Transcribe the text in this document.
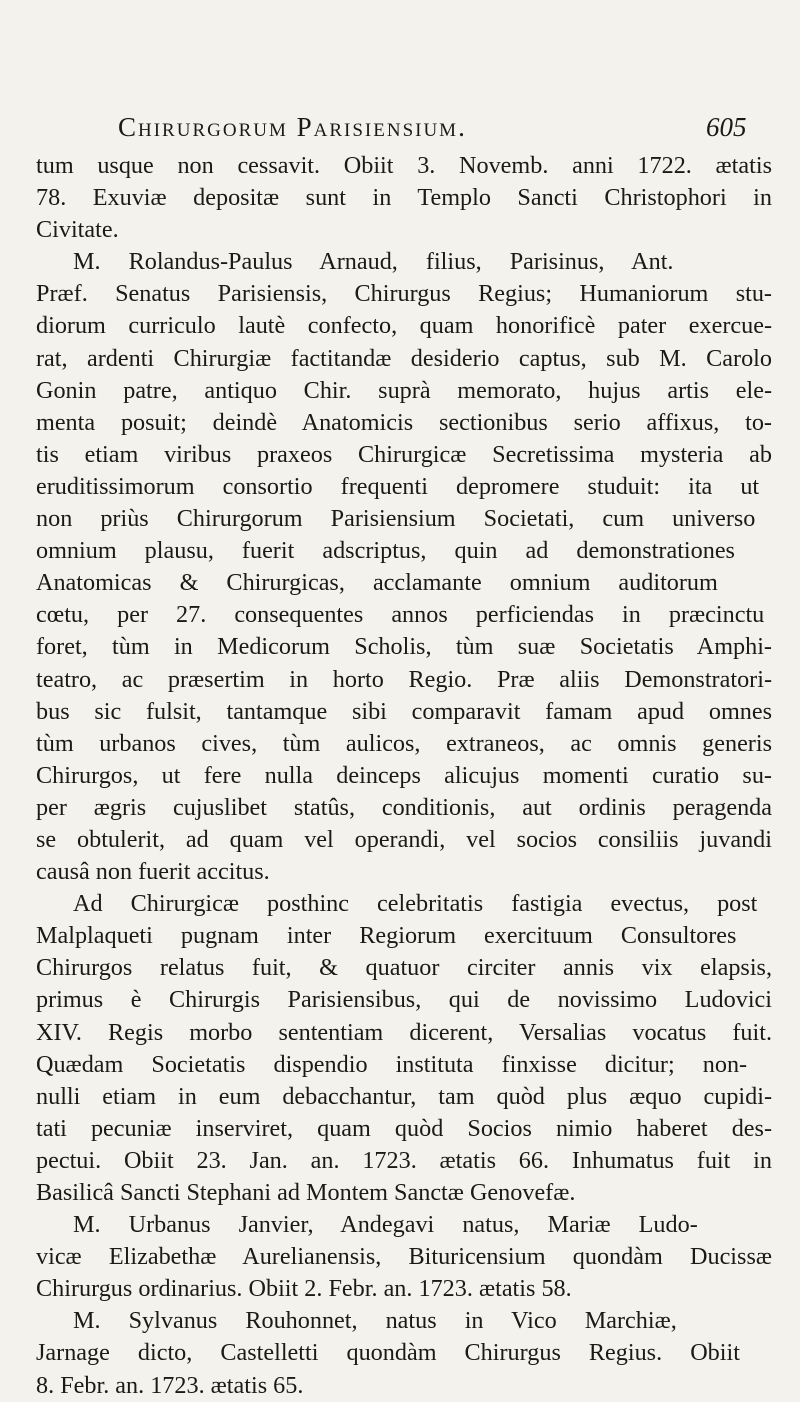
Chirurgorum Parisiensium.	605
tum usque non cessavit. Obiit 3. Novemb. anni 1722. ætatis
78. Exuviæ depositæ sunt in Templo Sancti Christophori in
Civitate.
M. Rolandus-Paulus Arnaud, filius, Parisinus, Ant.
Præf. Senatus Parisiensis, Chirurgus Regius; Humaniorum stu-
diorum curriculo lautè confecto, quam honorificè pater exercue-
rat, ardenti Chirurgiæ factitandæ desiderio captus, sub M. Carolo
Gonin patre, antiquo Chir. suprà memorato, hujus artis ele-
menta posuit; deindè Anatomicis sectionibus serio affixus, to-
tis etiam viribus praxeos Chirurgicæ Secretissima mysteria ab
eruditissimorum consortio frequenti depromere studuit: ita ut
non priùs Chirurgorum Parisiensium Societati, cum universo
omnium plausu, fuerit adscriptus, quin ad demonstrationes
Anatomicas & Chirurgicas, acclamante omnium auditorum
cœtu, per 27. consequentes annos perficiendas in præcinctu
foret, tùm in Medicorum Scholis, tùm suæ Societatis Amphi-
teatro, ac præsertim in horto Regio. Præ aliis Demonstratori-
bus sic fulsit, tantamque sibi comparavit famam apud omnes
tùm urbanos cives, tùm aulicos, extraneos, ac omnis generis
Chirurgos, ut fere nulla deinceps alicujus momenti curatio su-
per ægris cujuslibet statûs, conditionis, aut ordinis peragenda
se obtulerit, ad quam vel operandi, vel socios consiliis juvandi
causâ non fuerit accitus.
Ad Chirurgicæ posthinc celebritatis fastigia evectus, post
Malplaqueti pugnam inter Regiorum exercituum Consultores
Chirurgos relatus fuit, & quatuor circiter annis vix elapsis,
primus è Chirurgis Parisiensibus, qui de novissimo Ludovici
XIV. Regis morbo sententiam dicerent, Versalias vocatus fuit.
Quædam Societatis dispendio instituta finxisse dicitur; non-
nulli etiam in eum debacchantur, tam quòd plus æquo cupidi-
tati pecuniæ inserviret, quam quòd Socios nimio haberet des-
pectui. Obiit 23. Jan. an. 1723. ætatis 66. Inhumatus fuit in
Basilicâ Sancti Stephani ad Montem Sanctæ Genovefæ.
M. Urbanus Janvier, Andegavi natus, Mariæ Ludo-
vicæ Elizabethæ Aurelianensis, Bituricensium quondàm Ducissæ
Chirurgus ordinarius. Obiit 2. Febr. an. 1723. ætatis 58.
M. Sylvanus Rouhonnet, natus in Vico Marchiæ,
Jarnage dicto, Castelletti quondàm Chirurgus Regius. Obiit
8. Febr. an. 1723. ætatis 65.
